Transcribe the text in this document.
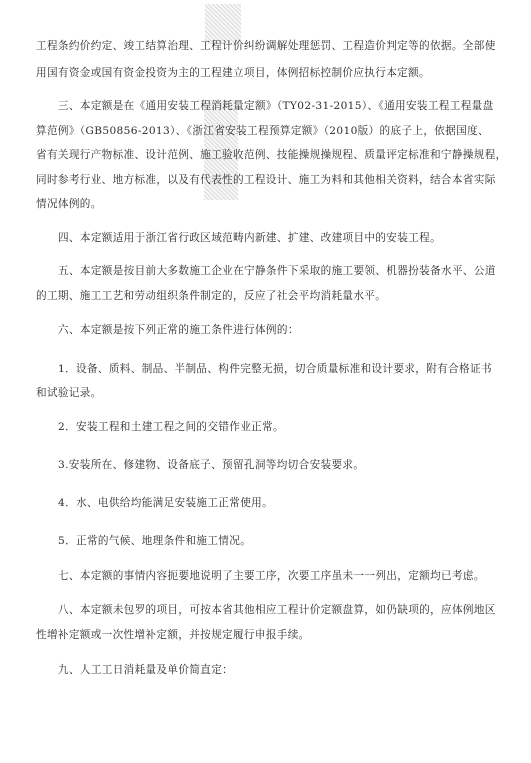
工程条约价约定、竣工结算治理、工程计价纠纷调解处理惩罚、工程造价判定等的依据。全部使
用国有资金或国有资金投资为主的工程建立项目，体例招标控制价应执行本定额。
三、本定额是在《通用安装工程消耗量定额》（TY02-31-2015）、《通用安装工程工程量盘
算范例》（GB50856-2013）、《浙江省安装工程预算定额》（2010版）的底子上，依据国度、
省有关现行产物标准、设计范例、施工验收范例、技能操规操规程、质量评定标准和宁静操规程，
同时参考行业、地方标准，以及有代表性的工程设计、施工为料和其他相关资料，结合本省实际
情况体例的。
四、本定额适用于浙江省行政区域范畴内新建、扩建、改建项目中的安装工程。
五、本定额是按目前大多数施工企业在宁静条件下采取的施工要领、机器扮装备水平、公道
的工期、施工工艺和劳动组织条件制定的，反应了社会平均消耗量水平。
六、本定额是按下列正常的施工条件进行体例的：
1．设备、质料、制品、半制品、构件完整无损，切合质量标准和设计要求，附有合格证书
和试验记录。
2．安装工程和土建工程之间的交错作业正常。
3.安装所在、修建物、设备底子、预留孔洞等均切合安装要求。
4．水、电供给均能满足安装施工正常使用。
5．正常的气候、地理条件和施工情况。
七、本定额的事情内容扼要地说明了主要工序，次要工序虽未一一列出，定额均已考虑。
八、本定额未包罗的项目，可按本省其他相应工程计价定额盘算，如仍缺项的，应体例地区
性增补定额或一次性增补定额，并按规定履行申报手续。
九、人工工日消耗量及单价简直定：
